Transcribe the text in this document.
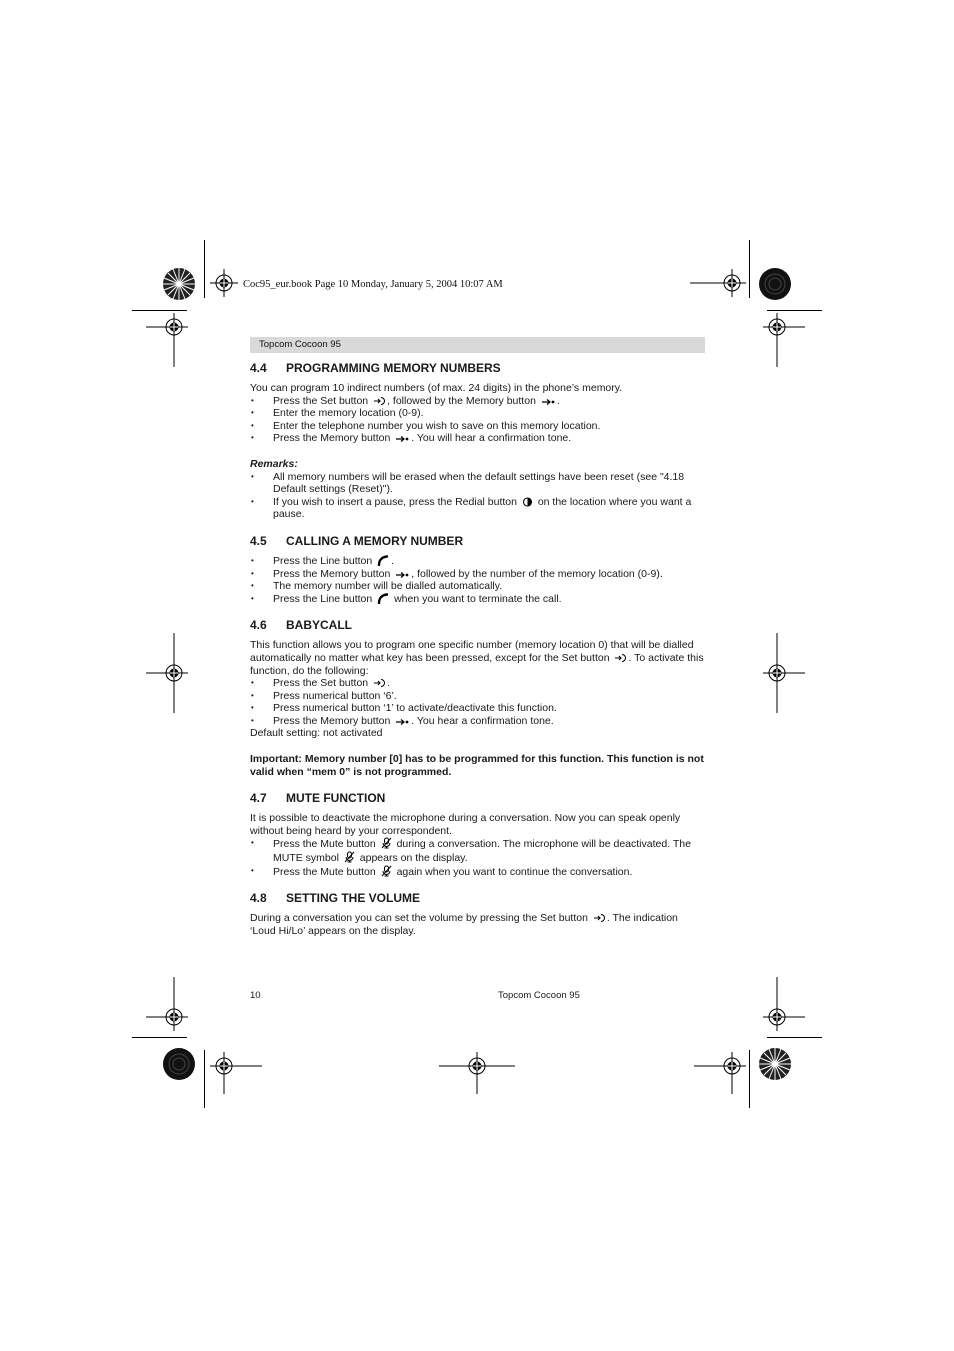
Coc95_eur.book Page 10 Monday, January 5, 2004 10:07 AM
Topcom Cocoon 95
4.4 PROGRAMMING MEMORY NUMBERS

You can program 10 indirect numbers (of max. 24 digits) in the phone’s memory.

• Press the Set button , followed by the Memory button .
• Enter the memory location (0-9).
• Enter the telephone number you wish to save on this memory location.
• Press the Memory button . You will hear a confirmation tone.

Remarks:

• All memory numbers will be erased when the default settings have been reset (see "4.18 Default settings (Reset)").
• If you wish to insert a pause, press the Redial button  on the location where you want a pause.
4.5 CALLING A MEMORY NUMBER
• Press the Line button .
• Press the Memory button , followed by the number of the memory location (0-9).
• The memory number will be dialled automatically.
• Press the Line button  when you want to terminate the call.
4.6 BABYCALL

This function allows you to program one specific number (memory location 0) that will be dialled automatically no matter what key has been pressed, except for the Set button . To activate this function, do the following:

• Press the Set button .
• Press numerical button ‘6’.
• Press numerical button ‘1’ to activate/deactivate this function.
• Press the Memory button . You hear a confirmation tone.

Default setting: not activated

Important: Memory number [0] has to be programmed for this function. This function is not valid when “mem 0” is not programmed.

4.7 MUTE FUNCTION

It is possible to deactivate the microphone during a conversation. Now you can speak openly without being heard by your correspondent.

• Press the Mute button  during a conversation. The microphone will be deactivated. The MUTE symbol  appears on the display.
• Press the Mute button  again when you want to continue the conversation.
4.8 SETTING THE VOLUME

During a conversation you can set the volume by pressing the Set button . The indication ‘Loud Hi/Lo’ appears on the display.

10	Topcom Cocoon 95
